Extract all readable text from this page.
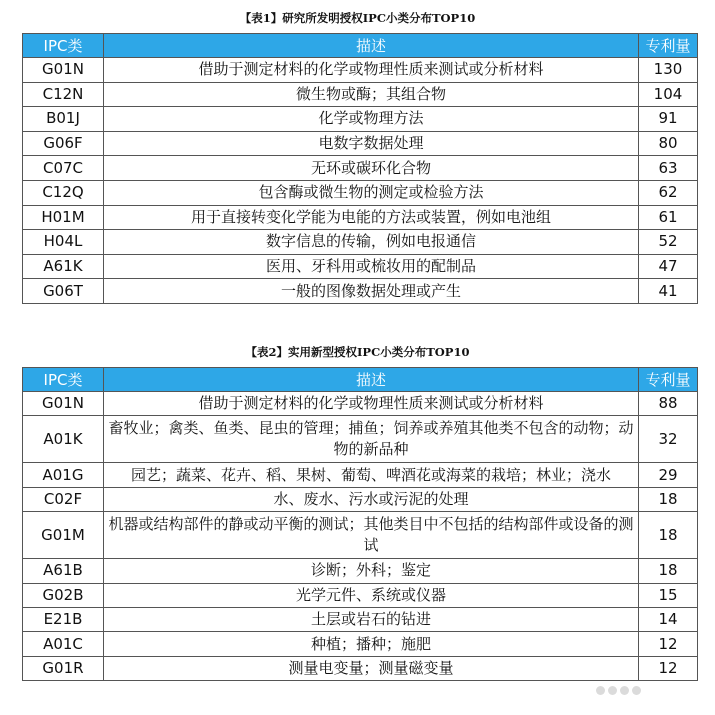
【表1】研究所发明授权IPC小类分布TOP10
IPC类	描述	专利量
G01N	借助于测定材料的化学或物理性质来测试或分析材料	130
C12N	微生物或酶；其组合物	104
B01J	化学或物理方法	91
G06F	电数字数据处理	80
C07C	无环或碳环化合物	63
C12Q	包含酶或微生物的测定或检验方法	62
H01M	用于直接转变化学能为电能的方法或装置，例如电池组	61
H04L	数字信息的传输，例如电报通信	52
A61K	医用、牙科用或梳妆用的配制品	47
G06T	一般的图像数据处理或产生	41
【表2】实用新型授权IPC小类分布TOP10
IPC类	描述	专利量
G01N	借助于测定材料的化学或物理性质来测试或分析材料	88
A01K	畜牧业；禽类、鱼类、昆虫的管理；捕鱼；饲养或养殖其他类不包含的动物；动物的新品种	32
A01G	园艺；蔬菜、花卉、稻、果树、葡萄、啤酒花或海菜的栽培；林业；浇水	29
C02F	水、废水、污水或污泥的处理	18
G01M	机器或结构部件的静或动平衡的测试；其他类目中不包括的结构部件或设备的测试	18
A61B	诊断；外科；鉴定	18
G02B	光学元件、系统或仪器	15
E21B	土层或岩石的钻进	14
A01C	种植；播种；施肥	12
G01R	测量电变量；测量磁变量	12
